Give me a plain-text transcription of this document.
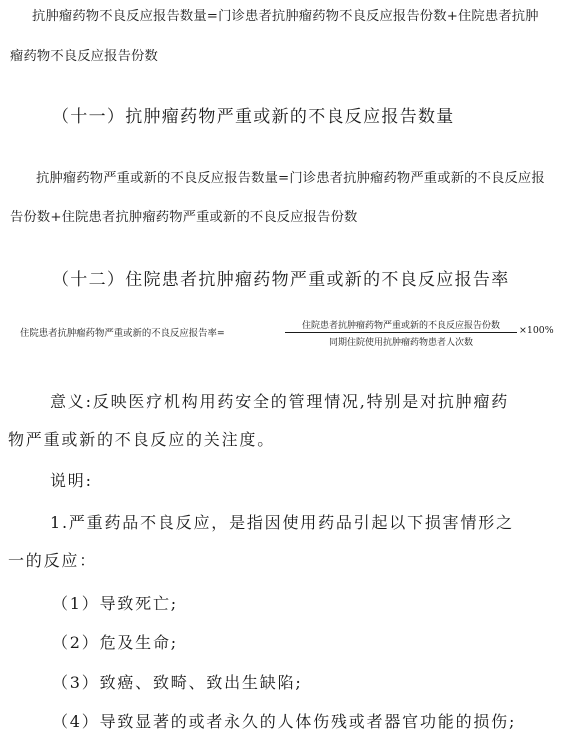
抗肿瘤药物不良反应报告数量=门诊患者抗肿瘤药物不良反应报告份数+住院患者抗肿
瘤药物不良反应报告份数
（十一）抗肿瘤药物严重或新的不良反应报告数量
抗肿瘤药物严重或新的不良反应报告数量=门诊患者抗肿瘤药物严重或新的不良反应报
告份数+住院患者抗肿瘤药物严重或新的不良反应报告份数
（十二）住院患者抗肿瘤药物严重或新的不良反应报告率
住院患者抗肿瘤药物严重或新的不良反应报告率=
住院患者抗肿瘤药物严重或新的不良反应报告份数
同期住院使用抗肿瘤药物患者人次数
×100%
意义:反映医疗机构用药安全的管理情况,特别是对抗肿瘤药
物严重或新的不良反应的关注度。
说明:
1.严重药品不良反应，是指因使用药品引起以下损害情形之
一的反应：
（1）导致死亡;
（2）危及生命;
（3）致癌、致畸、致出生缺陷;
（4）导致显著的或者永久的人体伤残或者器官功能的损伤;
